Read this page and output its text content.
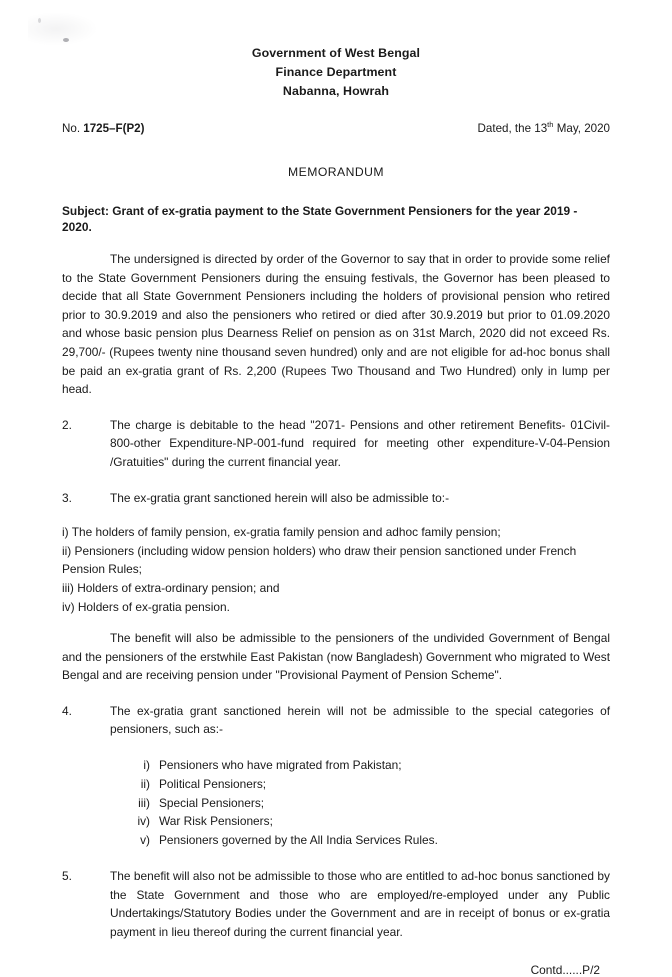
Government of West Bengal
Finance Department
Nabanna, Howrah
No. 1725–F(P2)	Dated, the 13th May, 2020
MEMORANDUM
Subject: Grant of ex-gratia payment to the State Government Pensioners for the year 2019 - 2020.
The undersigned is directed by order of the Governor to say that in order to provide some relief to the State Government Pensioners during the ensuing festivals, the Governor has been pleased to decide that all State Government Pensioners including the holders of provisional pension who retired prior to 30.9.2019 and also the pensioners who retired or died after 30.9.2019 but prior to 01.09.2020 and whose basic pension plus Dearness Relief on pension as on 31st March, 2020 did not exceed Rs. 29,700/- (Rupees twenty nine thousand seven hundred) only and are not eligible for ad-hoc bonus shall be paid an ex-gratia grant of Rs. 2,200 (Rupees Two Thousand and Two Hundred) only in lump per head.
2.	The charge is debitable to the head "2071- Pensions and other retirement Benefits- 01Civil-800-other Expenditure-NP-001-fund required for meeting other expenditure-V-04-Pension /Gratuities" during the current financial year.
3.	The ex-gratia grant sanctioned herein will also be admissible to:-
i) The holders of family pension, ex-gratia family pension and adhoc family pension;
ii) Pensioners (including widow pension holders) who draw their pension sanctioned under French Pension Rules;
iii) Holders of extra-ordinary pension; and
iv) Holders of ex-gratia pension.
The benefit will also be admissible to the pensioners of the undivided Government of Bengal and the pensioners of the erstwhile East Pakistan (now Bangladesh) Government who migrated to West Bengal and are receiving pension under "Provisional Payment of Pension Scheme".
4.	The ex-gratia grant sanctioned herein will not be admissible to the special categories of pensioners, such as:-
i) Pensioners who have migrated from Pakistan;
ii) Political Pensioners;
iii) Special Pensioners;
iv) War Risk Pensioners;
v) Pensioners governed by the All India Services Rules.
5.	The benefit will also not be admissible to those who are entitled to ad-hoc bonus sanctioned by the State Government and those who are employed/re-employed under any Public Undertakings/Statutory Bodies under the Government and are in receipt of bonus or ex-gratia payment in lieu thereof during the current financial year.
Contd......P/2
